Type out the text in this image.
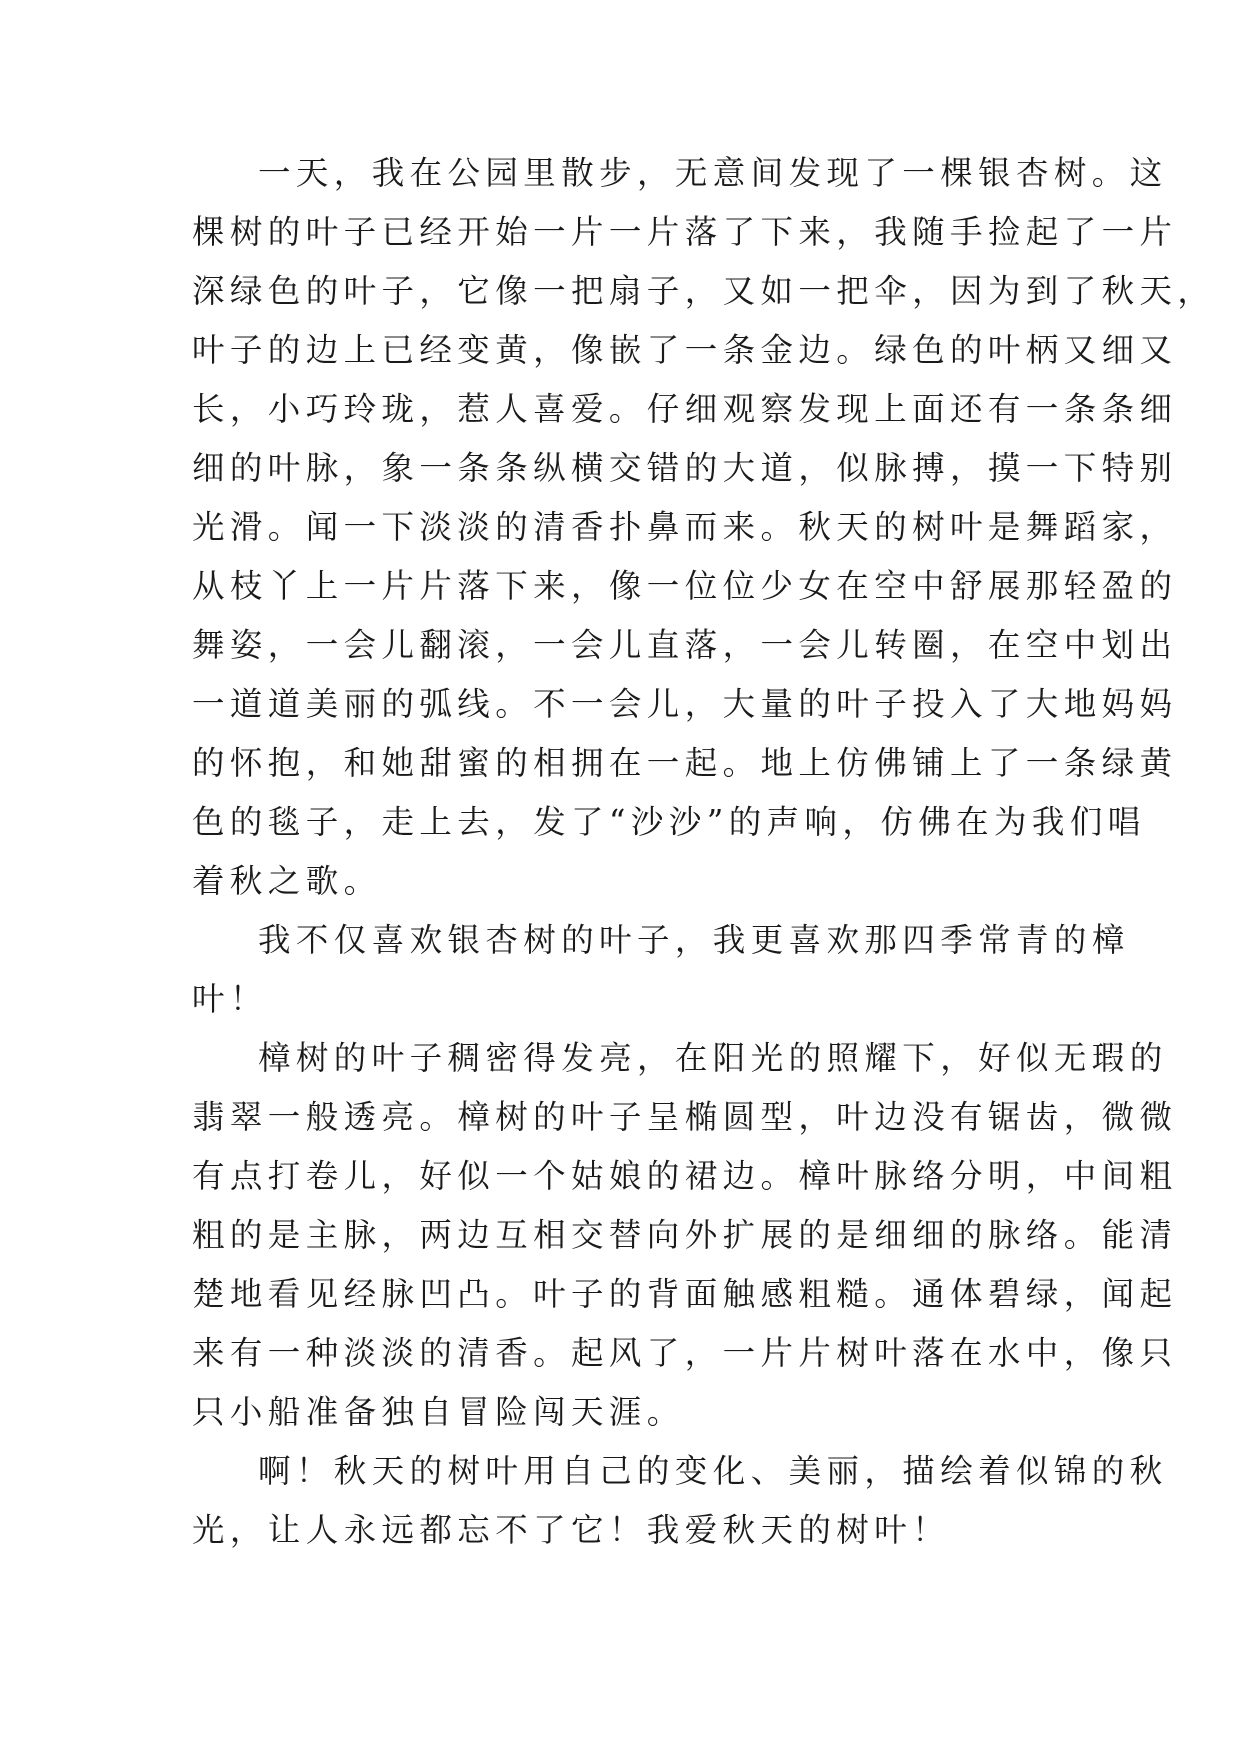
一天，我在公园里散步，无意间发现了一棵银杏树。这
棵树的叶子已经开始一片一片落了下来，我随手捡起了一片
深绿色的叶子，它像一把扇子，又如一把伞，因为到了秋天，
叶子的边上已经变黄，像嵌了一条金边。绿色的叶柄又细又
长，小巧玲珑，惹人喜爱。仔细观察发现上面还有一条条细
细的叶脉，象一条条纵横交错的大道，似脉搏，摸一下特别
光滑。闻一下淡淡的清香扑鼻而来。秋天的树叶是舞蹈家，
从枝丫上一片片落下来，像一位位少女在空中舒展那轻盈的
舞姿，一会儿翻滚，一会儿直落，一会儿转圈，在空中划出
一道道美丽的弧线。不一会儿，大量的叶子投入了大地妈妈
的怀抱，和她甜蜜的相拥在一起。地上仿佛铺上了一条绿黄
色的毯子，走上去，发了“沙沙”的声响，仿佛在为我们唱
着秋之歌。
我不仅喜欢银杏树的叶子，我更喜欢那四季常青的樟
叶！
樟树的叶子稠密得发亮，在阳光的照耀下，好似无瑕的
翡翠一般透亮。樟树的叶子呈椭圆型，叶边没有锯齿，微微
有点打卷儿，好似一个姑娘的裙边。樟叶脉络分明，中间粗
粗的是主脉，两边互相交替向外扩展的是细细的脉络。能清
楚地看见经脉凹凸。叶子的背面触感粗糙。通体碧绿，闻起
来有一种淡淡的清香。起风了，一片片树叶落在水中，像只
只小船准备独自冒险闯天涯。
啊！秋天的树叶用自己的变化、美丽，描绘着似锦的秋
光，让人永远都忘不了它！我爱秋天的树叶！
